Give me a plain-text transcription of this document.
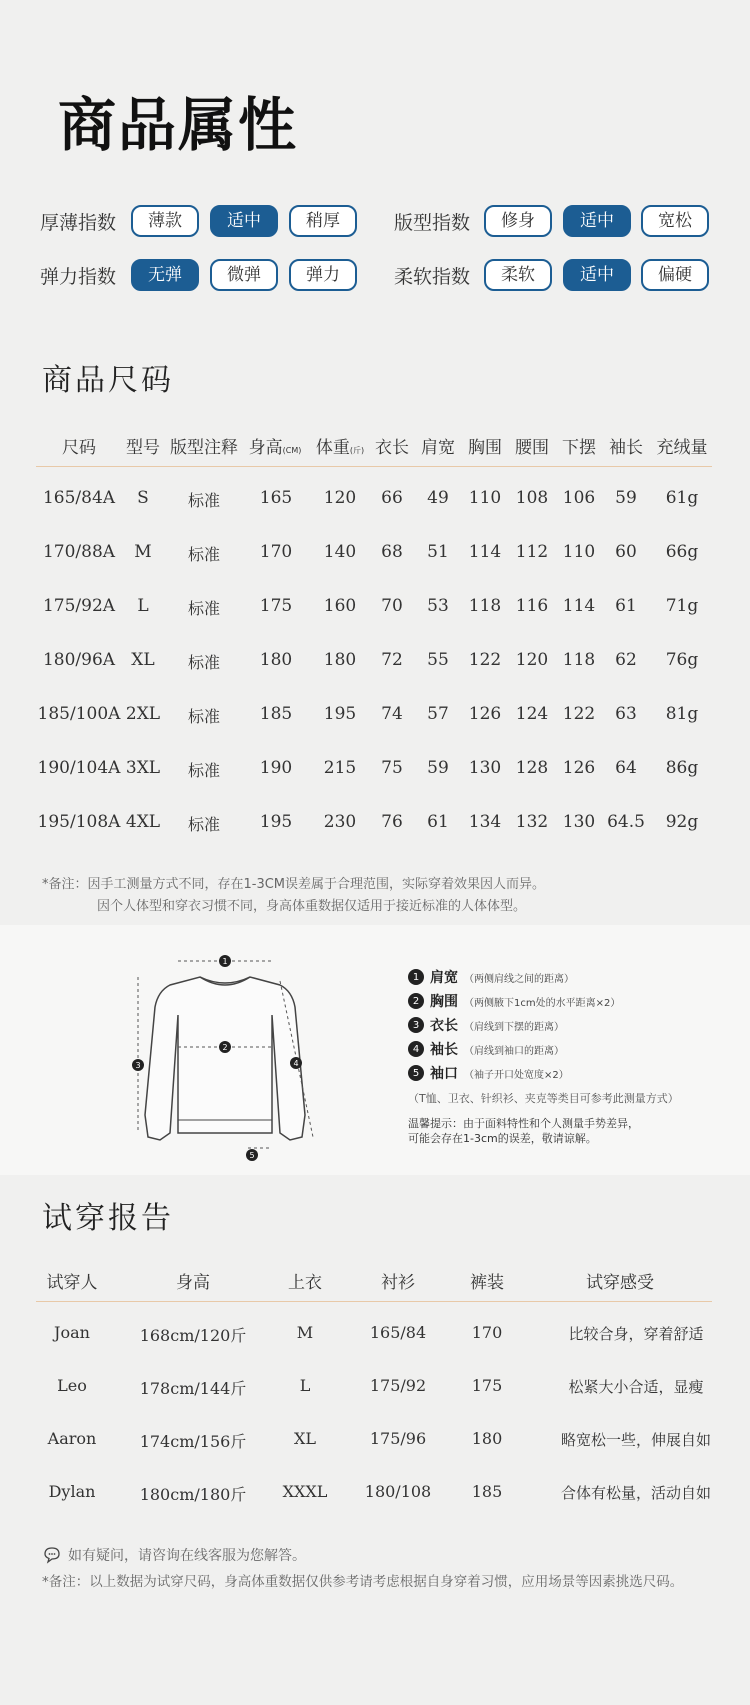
商品属性
厚薄指数	薄款	适中	稍厚	版型指数	修身	适中	宽松
弹力指数	无弹	微弹	弹力	柔软指数	柔软	适中	偏硬
商品尺码
尺码 型号 版型注释 身高(CM) 体重(斤) 衣长 肩宽 胸围 腰围 下摆 袖长 充绒量
165/84A S 标准 165 120 66 49 110 108 106 59 61g
170/88A M 标准 170 140 68 51 114 112 110 60 66g
175/92A L 标准 175 160 70 53 118 116 114 61 71g
180/96A XL 标准 180 180 72 55 122 120 118 62 76g
185/100A 2XL 标准 185 195 74 57 126 124 122 63 81g
190/104A 3XL 标准 190 215 75 59 130 128 126 64 86g
195/108A 4XL 标准 195 230 76 61 134 132 130 64.5 92g
*备注：因手工测量方式不同，存在1-3CM误差属于合理范围，实际穿着效果因人而异。
因个人体型和穿衣习惯不同，身高体重数据仅适用于接近标准的人体体型。
1
2
3	4
5
1 肩宽 （两侧肩线之间的距离）
2 胸围 （两侧腋下1cm处的水平距离×2）
3 衣长 （肩线到下摆的距离）
4 袖长 （肩线到袖口的距离）
5 袖口 （袖子开口处宽度×2）
（T恤、卫衣、针织衫、夹克等类目可参考此测量方式）
温馨提示：由于面料特性和个人测量手势差异，
可能会存在1-3cm的误差，敬请谅解。
试穿报告
试穿人	身高	上衣	衬衫	裤装	试穿感受
Joan	168cm/120斤	M	165/84	170	比较合身，穿着舒适
Leo	178cm/144斤	L	175/92	175	松紧大小合适，显瘦
Aaron	174cm/156斤	XL	175/96	180	略宽松一些，伸展自如
Dylan	180cm/180斤 XXXL 180/108	185	合体有松量，活动自如
如有疑问，请咨询在线客服为您解答。
*备注：以上数据为试穿尺码，身高体重数据仅供参考请考虑根据自身穿着习惯，应用场景等因素挑选尺码。
